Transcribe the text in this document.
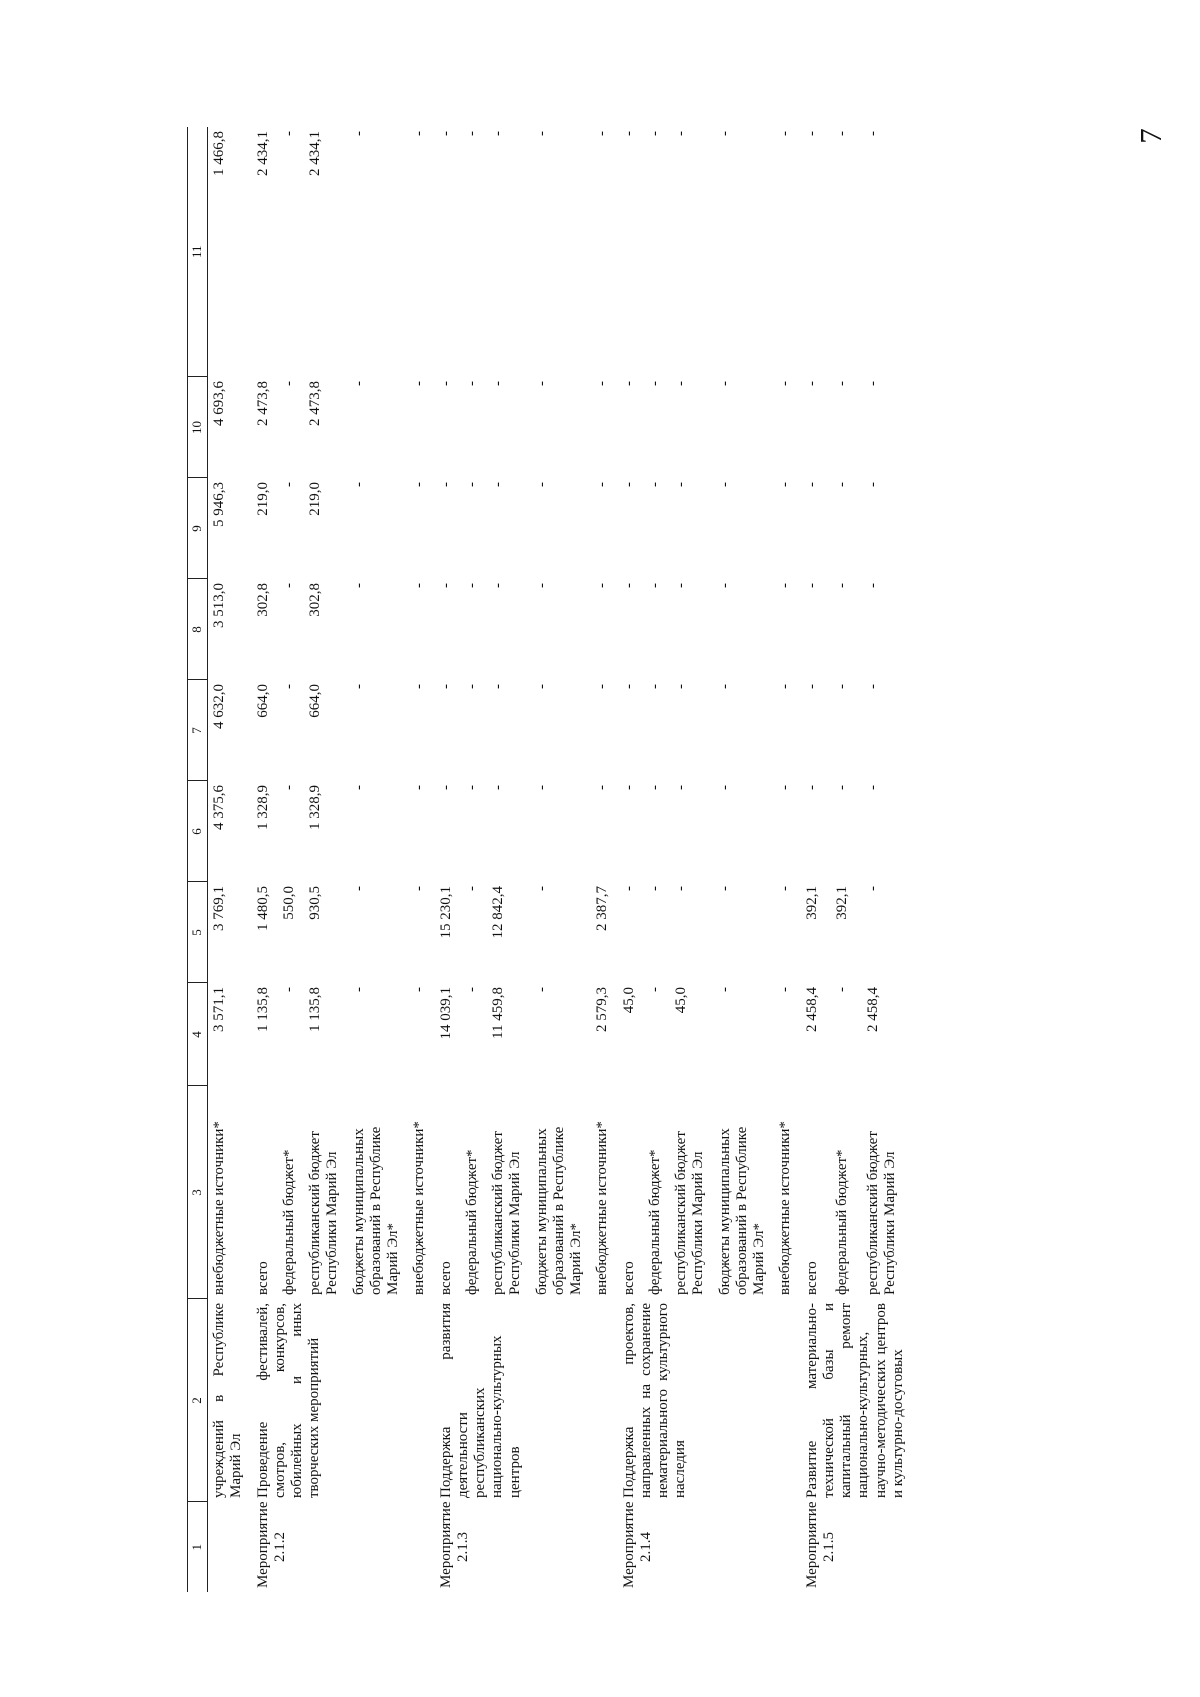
7
1	2	3	4	5	6	7	8	9	10	11
	учреждений в Республике Марий Эл	внебюджетные источники*	3 571,1	3 769,1	4 375,6	4 632,0	3 513,0	5 946,3	4 693,6	1 466,8
Мероприятие 2.1.2	Проведение фестивалей, смотров, конкурсов, юбилейных и иных творческих мероприятий	всего	1 135,8	1 480,5	1 328,9	664,0	302,8	219,0	2 473,8	2 434,1
		федеральный бюджет*	-	550,0	-	-	-	-	-	-
		республиканский бюджет Республики Марий Эл	1 135,8	930,5	1 328,9	664,0	302,8	219,0	2 473,8	2 434,1
		бюджеты муниципальных образований в Республике Марий Эл*	-	-	-	-	-	-	-	-
		внебюджетные источники*	-	-	-	-	-	-	-	-
Мероприятие 2.1.3	Поддержка развития деятельности республиканских национально-культурных центров	всего	14 039,1	15 230,1	-	-	-	-	-	-
		федеральный бюджет*	-	-	-	-	-	-	-	-
		республиканский бюджет Республики Марий Эл	11 459,8	12 842,4	-	-	-	-	-	-
		бюджеты муниципальных образований в Республике Марий Эл*	-	-	-	-	-	-	-	-
		внебюджетные источники*	2 579,3	2 387,7	-	-	-	-	-	-
Мероприятие 2.1.4	Поддержка проектов, направленных на сохранение нематериального культурного наследия	всего	45,0	-	-	-	-	-	-	-
		федеральный бюджет*	-	-	-	-	-	-	-	-
		республиканский бюджет Республики Марий Эл	45,0	-	-	-	-	-	-	-
		бюджеты муниципальных образований в Республике Марий Эл*	-	-	-	-	-	-	-	-
		внебюджетные источники*	-	-	-	-	-	-	-	-
Мероприятие 2.1.5	Развитие материально-технической базы и капитальный ремонт национально-культурных, научно-методических центров и культурно-досуговых	всего	2 458,4	392,1	-	-	-	-	-	-
		федеральный бюджет*	-	392,1	-	-	-	-	-	-
		республиканский бюджет Республики Марий Эл	2 458,4	-	-	-	-	-	-	-
